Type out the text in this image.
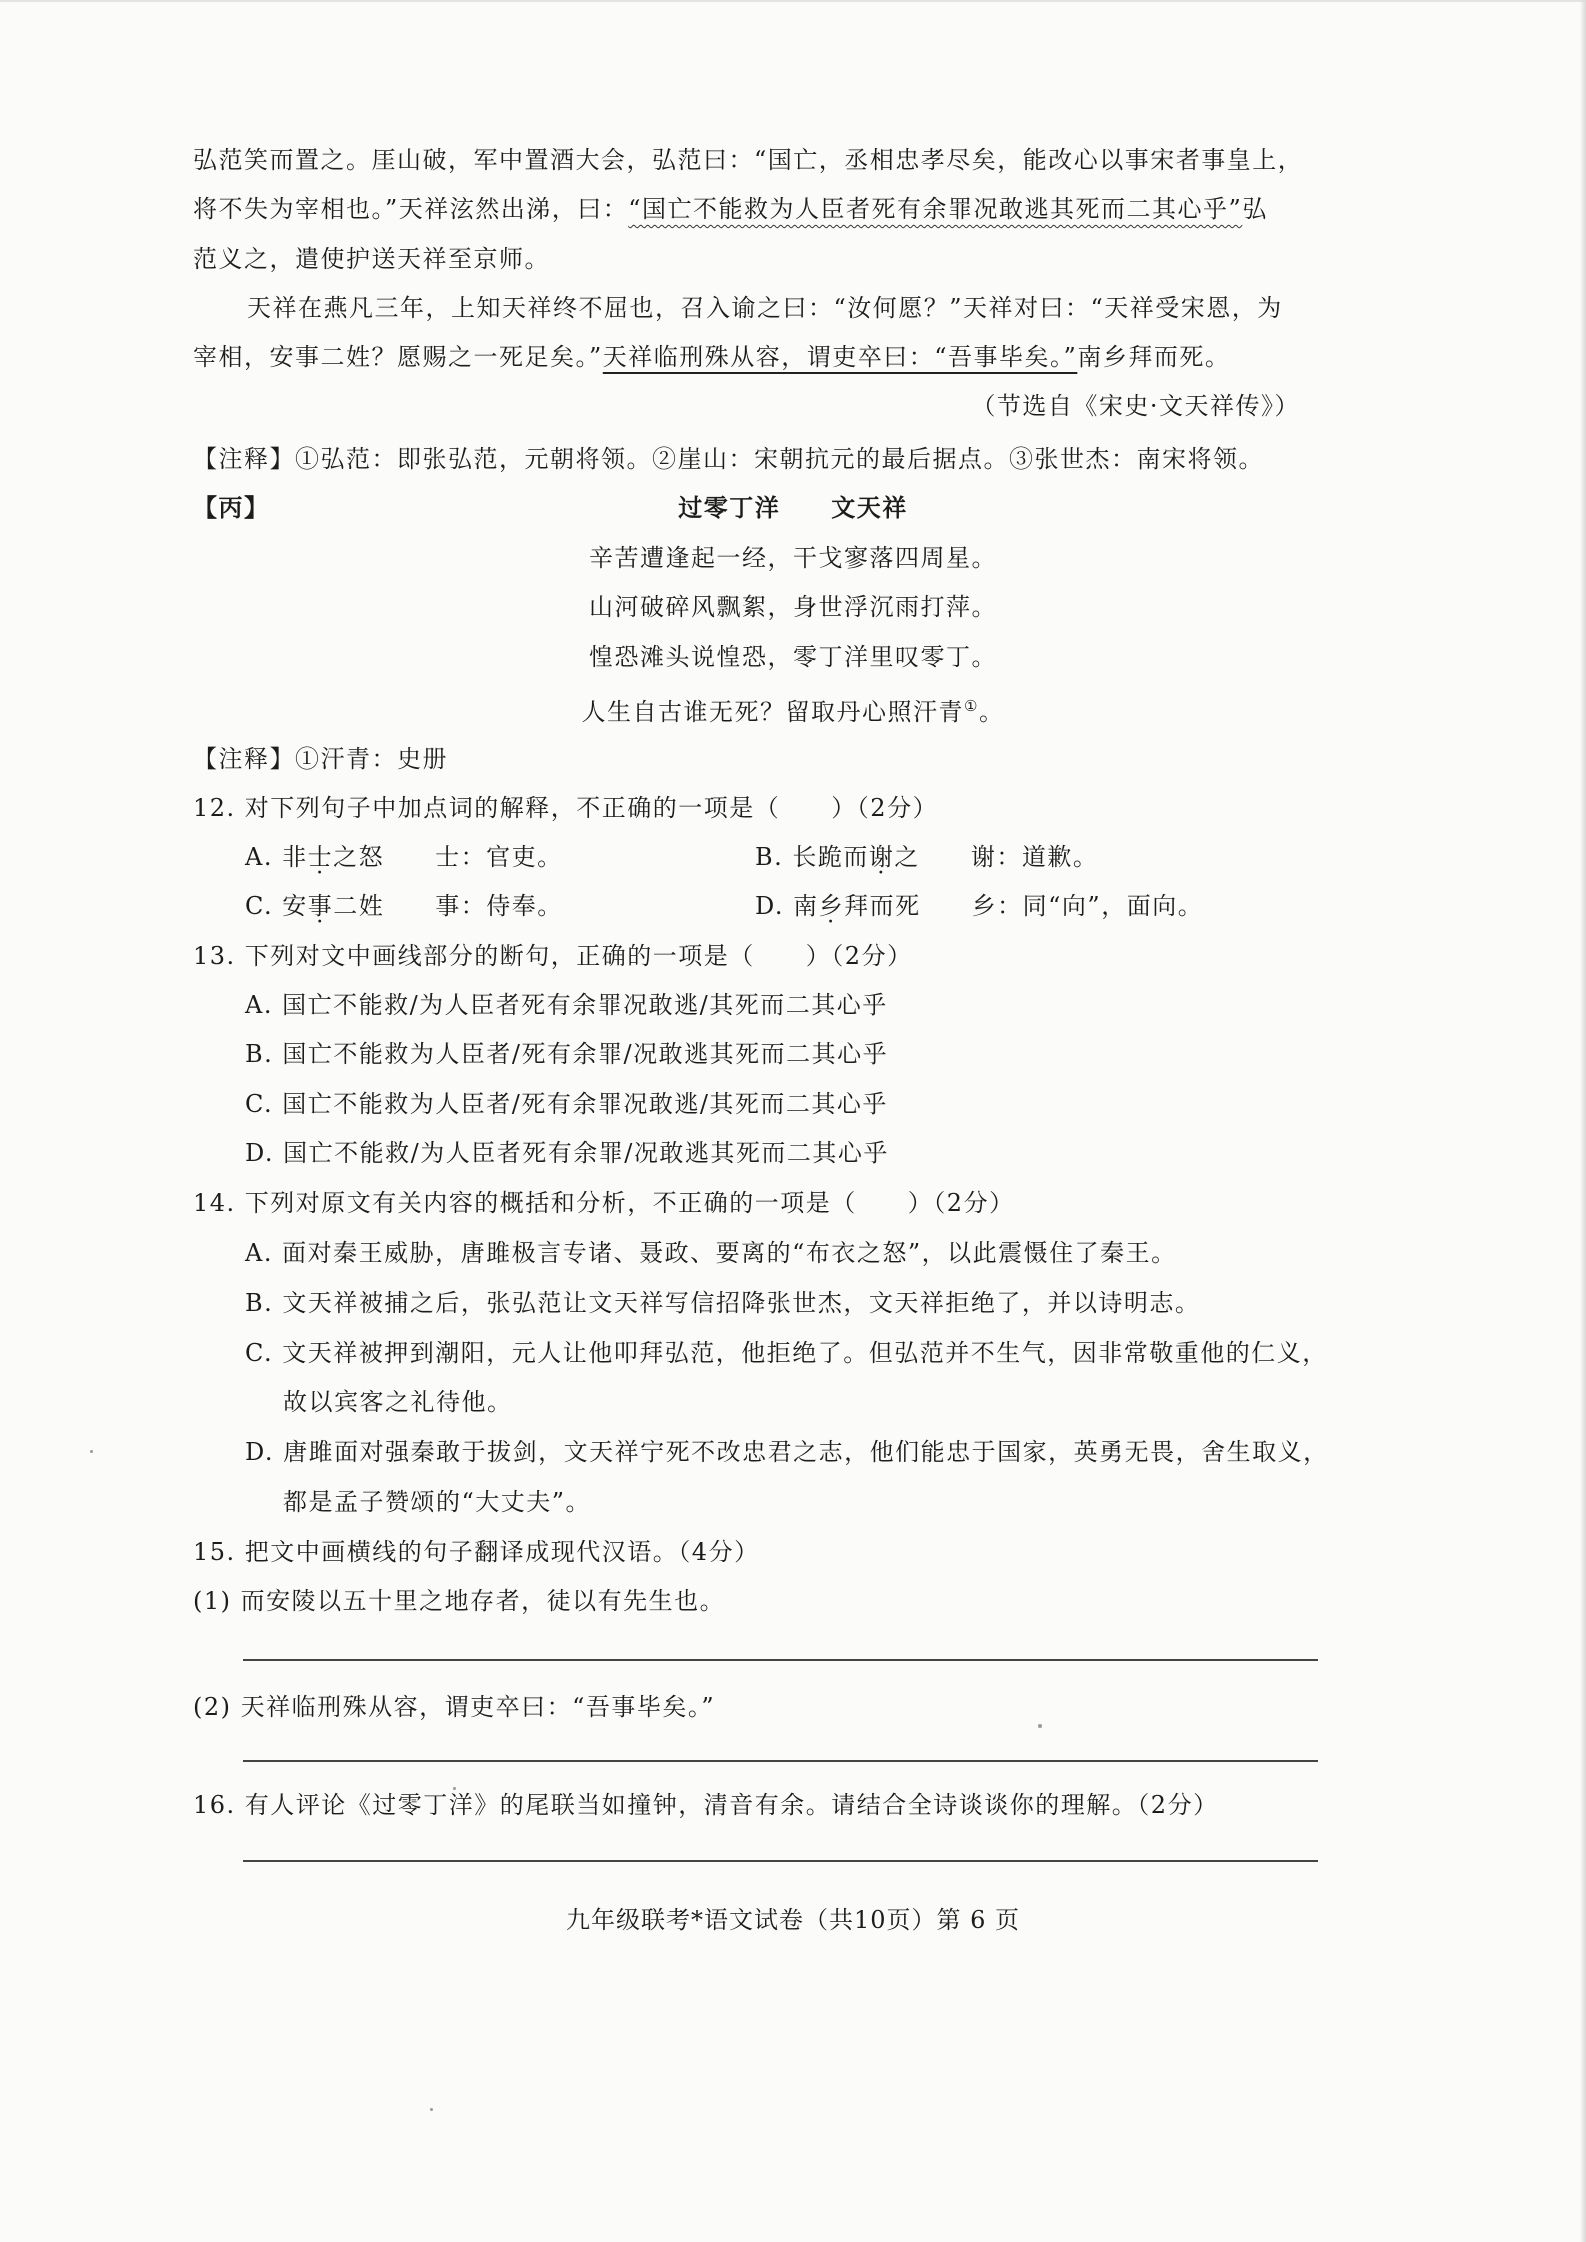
弘范笑而置之。厓山破，军中置酒大会，弘范曰：“国亡，丞相忠孝尽矣，能改心以事宋者事皇上，
将不失为宰相也。”天祥泫然出涕，曰：“国亡不能救为人臣者死有余罪况敢逃其死而二其心乎”弘
范义之，遣使护送天祥至京师。
天祥在燕凡三年，上知天祥终不屈也，召入谕之曰：“汝何愿？”天祥对曰：“天祥受宋恩，为
宰相，安事二姓？愿赐之一死足矣。”天祥临刑殊从容，谓吏卒曰：“吾事毕矣。”南乡拜而死。
（节选自《宋史·文天祥传》）
【注释】①弘范：即张弘范，元朝将领。②崖山：宋朝抗元的最后据点。③张世杰：南宋将领。
【丙】	过零丁洋　　文天祥
辛苦遭逢起一经，干戈寥落四周星。
山河破碎风飘絮，身世浮沉雨打萍。
惶恐滩头说惶恐，零丁洋里叹零丁。
人生自古谁无死？留取丹心照汗青①。
【注释】①汗青：史册
12. 对下列句子中加点词的解释，不正确的一项是（　　）（2分）
A. 非士之怒　　士：官吏。	B. 长跪而谢之　　谢：道歉。
C. 安事二姓　　事：侍奉。	D. 南乡拜而死　　乡：同“向”，面向。
13. 下列对文中画线部分的断句，正确的一项是（　　）（2分）
A. 国亡不能救/为人臣者死有余罪况敢逃/其死而二其心乎
B. 国亡不能救为人臣者/死有余罪/况敢逃其死而二其心乎
C. 国亡不能救为人臣者/死有余罪况敢逃/其死而二其心乎
D. 国亡不能救/为人臣者死有余罪/况敢逃其死而二其心乎
14. 下列对原文有关内容的概括和分析，不正确的一项是（　　）（2分）
A. 面对秦王威胁，唐雎极言专诸、聂政、要离的“布衣之怒”，以此震慑住了秦王。
B. 文天祥被捕之后，张弘范让文天祥写信招降张世杰，文天祥拒绝了，并以诗明志。
C. 文天祥被押到潮阳，元人让他叩拜弘范，他拒绝了。但弘范并不生气，因非常敬重他的仁义，
故以宾客之礼待他。
D. 唐雎面对强秦敢于拔剑，文天祥宁死不改忠君之志，他们能忠于国家，英勇无畏，舍生取义，
都是孟子赞颂的“大丈夫”。
15. 把文中画横线的句子翻译成现代汉语。（4分）
(1) 而安陵以五十里之地存者，徒以有先生也。
(2) 天祥临刑殊从容，谓吏卒曰：“吾事毕矣。”
16. 有人评论《过零丁洋》的尾联当如撞钟，清音有余。请结合全诗谈谈你的理解。（2分）
九年级联考*语文试卷（共10页）第 6 页
